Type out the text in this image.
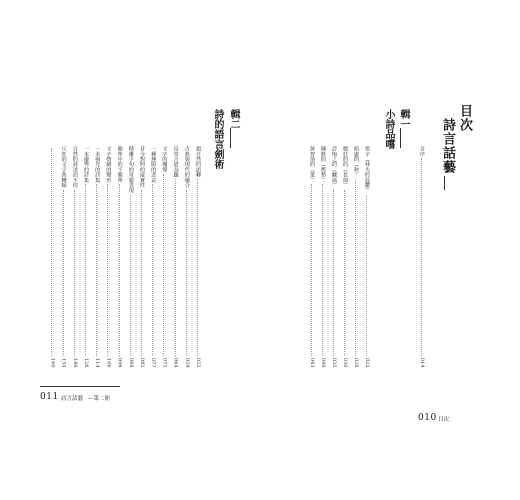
目次
詩言話藝
自序
014
輯一
小詩品嚐
愛字（林夫的晨鬱）
022
暗處的（秋）
026
麗莊的的（長揚）
030
詩悔之的（驟風）
035
陳默的（舊愁）
040
黃智溶的（蜚）
043
輯二
詩的語言劍術
超自然的語轉
052
古典與現代的融合
059
反常合道為趣
064
文字的魔聲
071
一種無限的悲哀
077
昔今對照的虛實性
082
精雕字句的奇麗表現
088
簡單中的不簡單
096
文字情緒的變形
106
一本發光的詩集
114
一本優秀的詩集
126
自然的敍述而不俗
146
丘旺的文字魯轉喻
154
160
010 目次
011 詩言話藝 —第二冊
